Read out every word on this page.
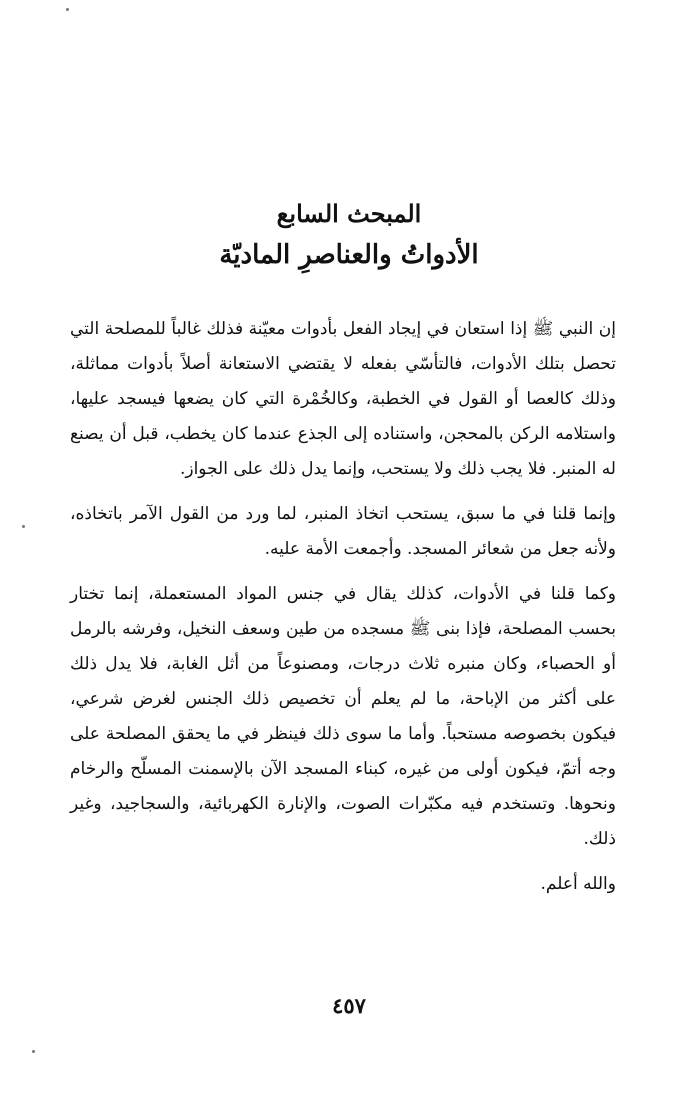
المبحث السابع
الأدواتُ والعناصرِ الماديّة

إن النبي ﷺ إذا استعان في إيجاد الفعل بأدوات معيّنة فذلك غالباً للمصلحة التي تحصل بتلك الأدوات، فالتأسّي بفعله لا يقتضي الاستعانة أصلاً بأدوات مماثلة، وذلك كالعصا أو القول في الخطبة، وكالخُمْرة التي كان يضعها فيسجد عليها، واستلامه الركن بالمحجن، واستناده إلى الجذع عندما كان يخطب، قبل أن يصنع له المنبر. فلا يجب ذلك ولا يستحب، وإنما يدل ذلك على الجواز.

وإنما قلنا في ما سبق، يستحب اتخاذ المنبر، لما ورد من القول الآمر باتخاذه، ولأنه جعل من شعائر المسجد. وأجمعت الأمة عليه.

وكما قلنا في الأدوات، كذلك يقال في جنس المواد المستعملة، إنما تختار بحسب المصلحة، فإذا بنى ﷺ مسجده من طين وسعف النخيل، وفرشه بالرمل أو الحصباء، وكان منبره ثلاث درجات، ومصنوعاً من أثل الغابة، فلا يدل ذلك على أكثر من الإباحة، ما لم يعلم أن تخصيص ذلك الجنس لغرض شرعي، فيكون بخصوصه مستحباً. وأما ما سوى ذلك فينظر في ما يحقق المصلحة على وجه أتمّ، فيكون أولى من غيره، كبناء المسجد الآن بالإسمنت المسلّح والرخام ونحوها. وتستخدم فيه مكبّرات الصوت، والإنارة الكهربائية، والسجاجيد، وغير ذلك.

والله أعلم.

٤٥٧
